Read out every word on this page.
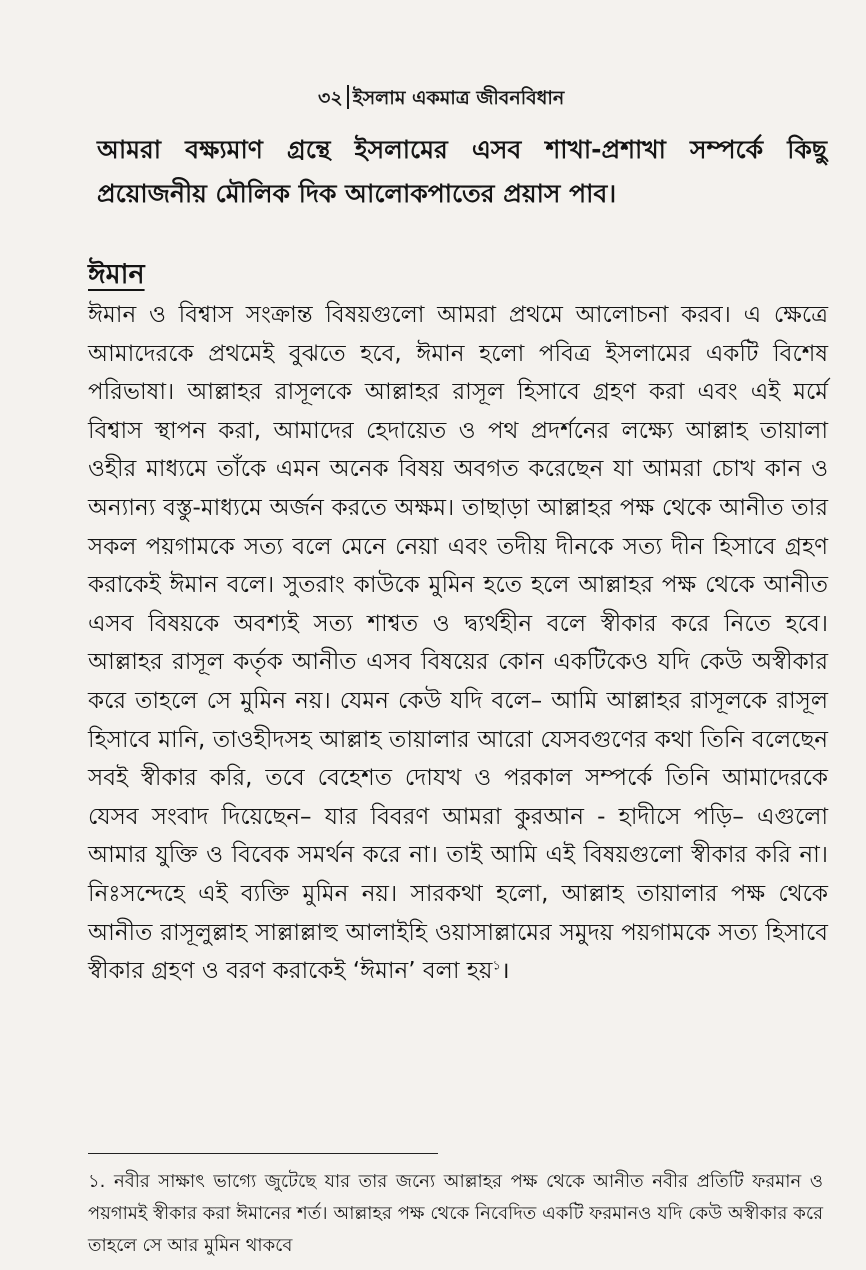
৩২ ইসলাম একমাত্র জীবনবিধান

আমরা বক্ষ্যমাণ গ্রন্থে ইসলামের এসব শাখা-প্রশাখা সম্পর্কে কিছু প্রয়োজনীয় মৌলিক দিক আলোকপাতের প্রয়াস পাব।

ঈমান

ঈমান ও বিশ্বাস সংক্রান্ত বিষয়গুলো আমরা প্রথমে আলোচনা করব। এ ক্ষেত্রে আমাদেরকে প্রথমেই বুঝতে হবে, ঈমান হলো পবিত্র ইসলামের একটি বিশেষ পরিভাষা। আল্লাহর রাসূলকে আল্লাহর রাসূল হিসাবে গ্রহণ করা এবং এই মর্মে বিশ্বাস স্থাপন করা, আমাদের হেদায়েত ও পথ প্রদর্শনের লক্ষ্যে আল্লাহ তায়ালা ওহীর মাধ্যমে তাঁকে এমন অনেক বিষয় অবগত করেছেন যা আমরা চোখ কান ও অন্যান্য বস্তু-মাধ্যমে অর্জন করতে অক্ষম। তাছাড়া আল্লাহর পক্ষ থেকে আনীত তার সকল পয়গামকে সত্য বলে মেনে নেয়া এবং তদীয় দীনকে সত্য দীন হিসাবে গ্রহণ করাকেই ঈমান বলে। সুতরাং কাউকে মুমিন হতে হলে আল্লাহর পক্ষ থেকে আনীত এসব বিষয়কে অবশ্যই সত্য শাশ্বত ও দ্ব্যর্থহীন বলে স্বীকার করে নিতে হবে। আল্লাহর রাসূল কর্তৃক আনীত এসব বিষয়ের কোন একটিকেও যদি কেউ অস্বীকার করে তাহলে সে মুমিন নয়। যেমন কেউ যদি বলে– আমি আল্লাহর রাসূলকে রাসূল হিসাবে মানি, তাওহীদসহ আল্লাহ তায়ালার আরো যেসবগুণের কথা তিনি বলেছেন সবই স্বীকার করি, তবে বেহেশত দোযখ ও পরকাল সম্পর্কে তিনি আমাদেরকে যেসব সংবাদ দিয়েছেন– যার বিবরণ আমরা কুরআন - হাদীসে পড়ি– এগুলো আমার যুক্তি ও বিবেক সমর্থন করে না। তাই আমি এই বিষয়গুলো স্বীকার করি না। নিঃসন্দেহে এই ব্যক্তি মুমিন নয়। সারকথা হলো, আল্লাহ তায়ালার পক্ষ থেকে আনীত রাসূলুল্লাহ সাল্লাল্লাহু আলাইহি ওয়াসাল্লামের সমুদয় পয়গামকে সত্য হিসাবে স্বীকার গ্রহণ ও বরণ করাকেই ‘ঈমান’ বলা হয়$^১$।

১. নবীর সাক্ষাৎ ভাগ্যে জুটেছে যার তার জন্যে আল্লাহর পক্ষ থেকে আনীত নবীর প্রতিটি ফরমান ও পয়গামই স্বীকার করা ঈমানের শর্ত। আল্লাহর পক্ষ থেকে নিবেদিত একটি ফরমানও যদি কেউ অস্বীকার করে তাহলে সে আর মুমিন থাকবে
